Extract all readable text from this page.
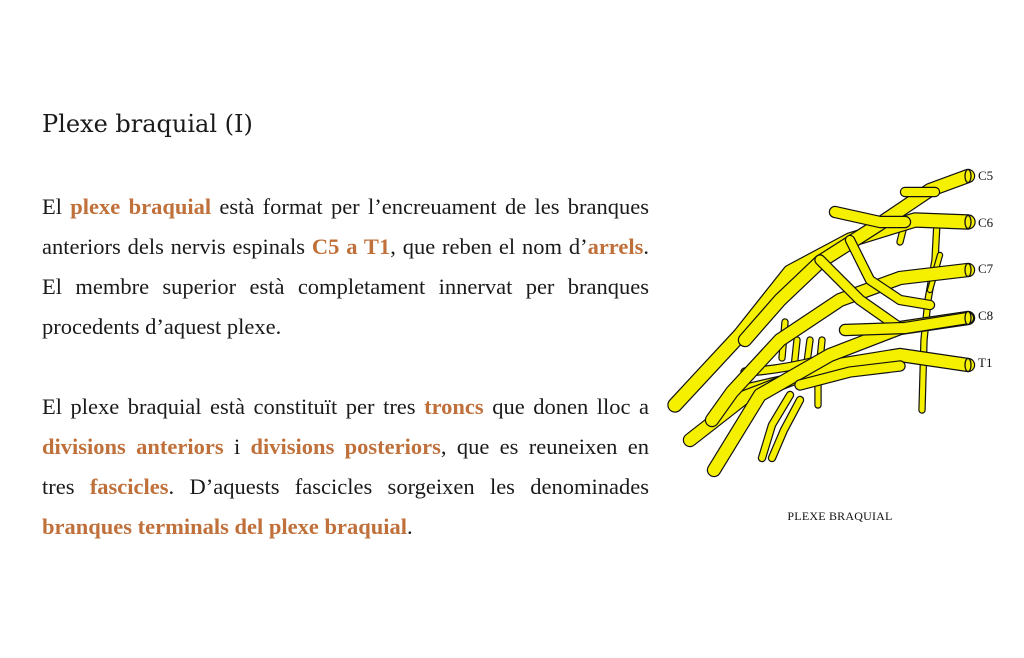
Plexe braquial (I)

El plexe braquial està format per l’encreuament de les branques anteriors dels nervis espinals C5 a T1, que reben el nom d’arrels. El membre superior està completament innervat per branques procedents d’aquest plexe.

El plexe braquial està constituït per tres troncs que donen lloc a divisions anteriors i divisions posteriors, que es reuneixen en tres fascicles. D’aquests fascicles sorgeixen les denominades branques terminals del plexe braquial.

C5
C6
C7
C8
T1
PLEXE BRAQUIAL
